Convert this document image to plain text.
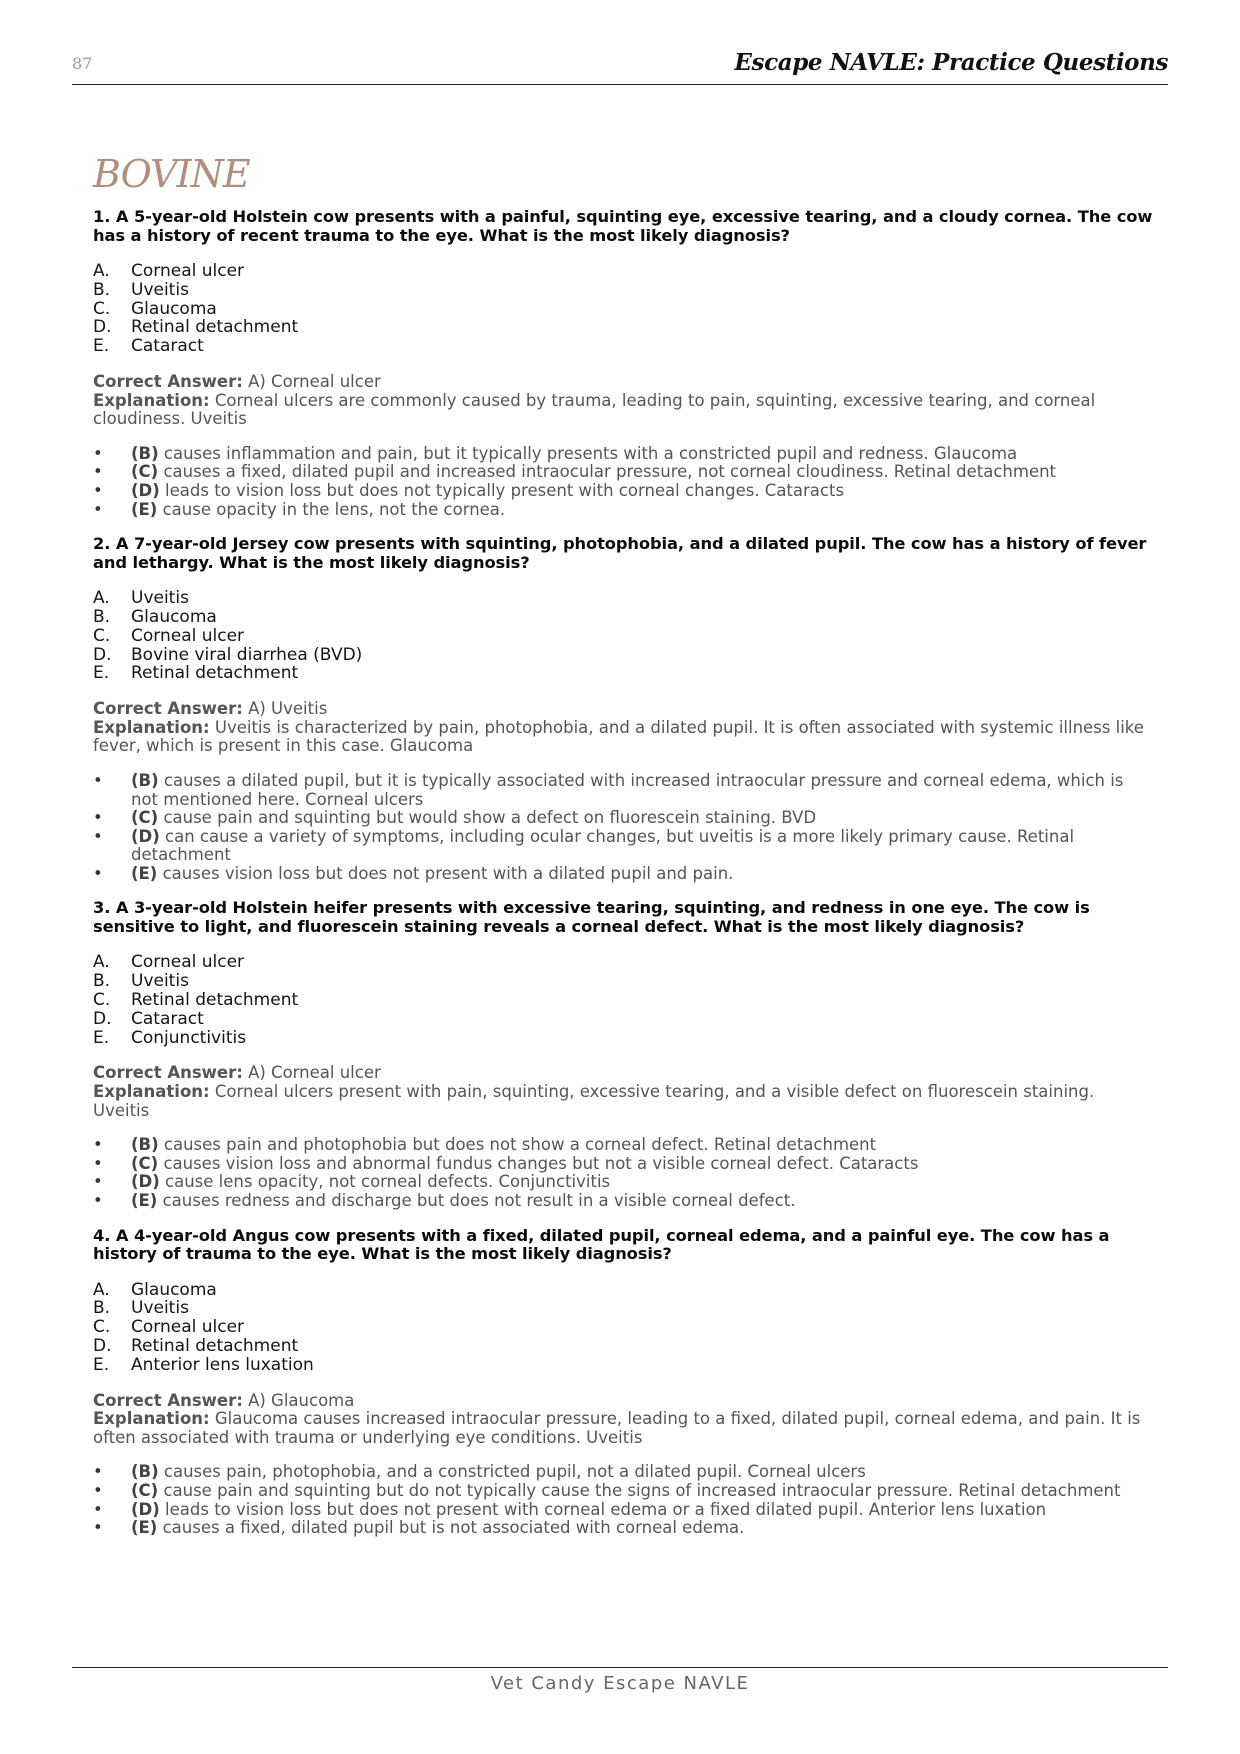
87	Escape NAVLE: Practice Questions
BOVINE
1. A 5-year-old Holstein cow presents with a painful, squinting eye, excessive tearing, and a cloudy cornea. The cow has a history of recent trauma to the eye. What is the most likely diagnosis?
A. Corneal ulcer
B. Uveitis
C. Glaucoma
D. Retinal detachment
E. Cataract
Correct Answer: A) Corneal ulcer
Explanation: Corneal ulcers are commonly caused by trauma, leading to pain, squinting, excessive tearing, and corneal cloudiness. Uveitis
• (B) causes inflammation and pain, but it typically presents with a constricted pupil and redness. Glaucoma
• (C) causes a fixed, dilated pupil and increased intraocular pressure, not corneal cloudiness. Retinal detachment
• (D) leads to vision loss but does not typically present with corneal changes. Cataracts
• (E) cause opacity in the lens, not the cornea.
2. A 7-year-old Jersey cow presents with squinting, photophobia, and a dilated pupil. The cow has a history of fever and lethargy. What is the most likely diagnosis?
A. Uveitis
B. Glaucoma
C. Corneal ulcer
D. Bovine viral diarrhea (BVD)
E. Retinal detachment
Correct Answer: A) Uveitis
Explanation: Uveitis is characterized by pain, photophobia, and a dilated pupil. It is often associated with systemic illness like fever, which is present in this case. Glaucoma
• (B) causes a dilated pupil, but it is typically associated with increased intraocular pressure and corneal edema, which is not mentioned here. Corneal ulcers
• (C) cause pain and squinting but would show a defect on fluorescein staining. BVD
• (D) can cause a variety of symptoms, including ocular changes, but uveitis is a more likely primary cause. Retinal detachment
• (E) causes vision loss but does not present with a dilated pupil and pain.
3. A 3-year-old Holstein heifer presents with excessive tearing, squinting, and redness in one eye. The cow is sensitive to light, and fluorescein staining reveals a corneal defect. What is the most likely diagnosis?
A. Corneal ulcer
B. Uveitis
C. Retinal detachment
D. Cataract
E. Conjunctivitis
Correct Answer: A) Corneal ulcer
Explanation: Corneal ulcers present with pain, squinting, excessive tearing, and a visible defect on fluorescein staining. Uveitis
• (B) causes pain and photophobia but does not show a corneal defect. Retinal detachment
• (C) causes vision loss and abnormal fundus changes but not a visible corneal defect. Cataracts
• (D) cause lens opacity, not corneal defects. Conjunctivitis
• (E) causes redness and discharge but does not result in a visible corneal defect.
4. A 4-year-old Angus cow presents with a fixed, dilated pupil, corneal edema, and a painful eye. The cow has a history of trauma to the eye. What is the most likely diagnosis?
A. Glaucoma
B. Uveitis
C. Corneal ulcer
D. Retinal detachment
E. Anterior lens luxation
Correct Answer: A) Glaucoma
Explanation: Glaucoma causes increased intraocular pressure, leading to a fixed, dilated pupil, corneal edema, and pain. It is often associated with trauma or underlying eye conditions. Uveitis
• (B) causes pain, photophobia, and a constricted pupil, not a dilated pupil. Corneal ulcers
• (C) cause pain and squinting but do not typically cause the signs of increased intraocular pressure. Retinal detachment
• (D) leads to vision loss but does not present with corneal edema or a fixed dilated pupil. Anterior lens luxation
• (E) causes a fixed, dilated pupil but is not associated with corneal edema.
Vet Candy Escape NAVLE
